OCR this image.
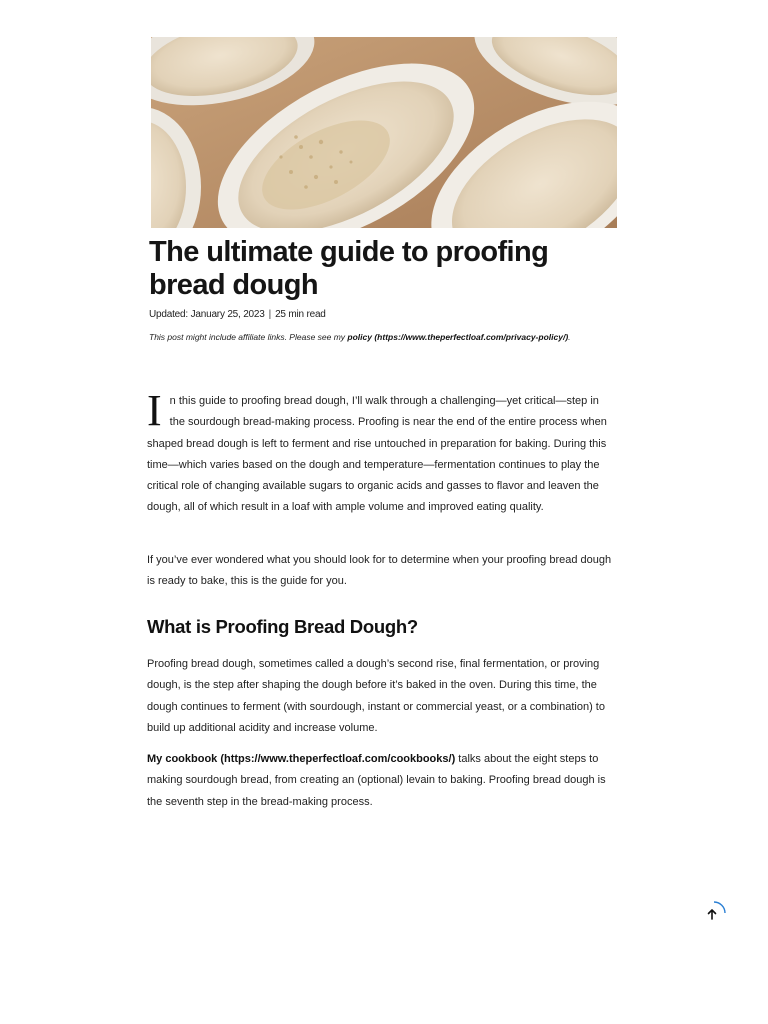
The ultimate guide to proofing bread dough
Updated: January 25, 2023 | 25 min read
This post might include affiliate links. Please see my policy (https://www.theperfectloaf.com/privacy-policy/).
I n this guide to proofing bread dough, I’ll walk through a challenging—yet critical—step in the sourdough bread-making process. Proofing is near the end of the entire process when shaped bread dough is left to ferment and rise untouched in preparation for baking. During this time—which varies based on the dough and temperature—fermentation continues to play the critical role of changing available sugars to organic acids and gasses to flavor and leaven the dough, all of which result in a loaf with ample volume and improved eating quality.

If you’ve ever wondered what you should look for to determine when your proofing bread dough is ready to bake, this is the guide for you.

What is Proofing Bread Dough?

Proofing bread dough, sometimes called a dough’s second rise, final fermentation, or proving dough, is the step after shaping the dough before it’s baked in the oven. During this time, the dough continues to ferment (with sourdough, instant or commercial yeast, or a combination) to build up additional acidity and increase volume.

My cookbook (https://www.theperfectloaf.com/cookbooks/) talks about the eight steps to making sourdough bread, from creating an (optional) levain to baking. Proofing bread dough is the seventh step in the bread-making process.
